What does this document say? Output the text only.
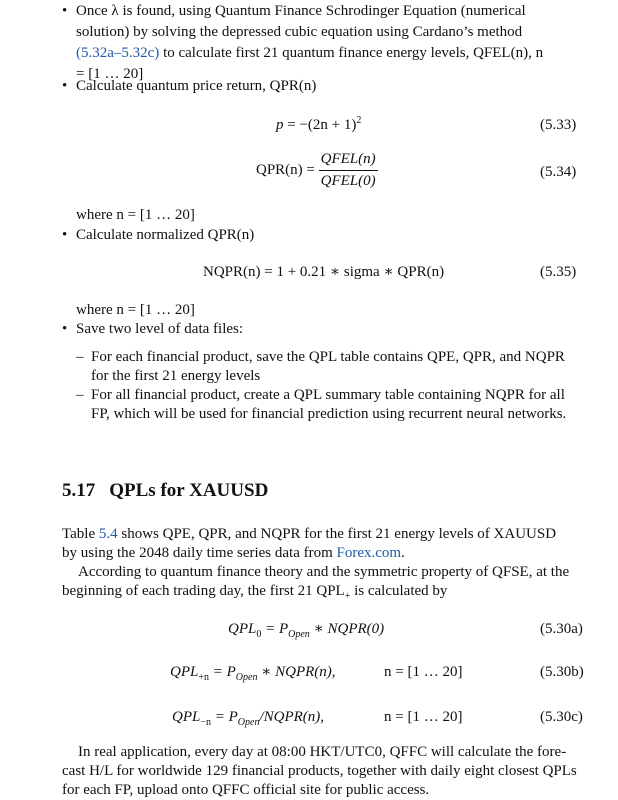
• Once λ is found, using Quantum Finance Schrodinger Equation (numerical
solution) by solving the depressed cubic equation using Cardano’s method
(5.32a–5.32c) to calculate first 21 quantum finance energy levels, QFEL(n), n
= [1 … 20]
• Calculate quantum price return, QPR(n)
$p = -(2n + 1)^2$	(5.33)
$QPR(n) = \frac{\text{QFEL(n)}}{\text{QFEL(0)}}$	(5.34)
where n = [1 … 20]
• Calculate normalized QPR(n)
NQPR(n) = 1 + 0.21 ∗ sigma ∗ QPR(n)	(5.35)
where n = [1 … 20]
• Save two level of data files:
– For each financial product, save the QPL table contains QPE, QPR, and NQPR
for the first 21 energy levels
– For all financial product, create a QPL summary table containing NQPR for all
FP, which will be used for financial prediction using recurrent neural networks.
5.17 QPLs for XAUUSD
Table 5.4 shows QPE, QPR, and NQPR for the first 21 energy levels of XAUUSD
by using the 2048 daily time series data from Forex.com.
According to quantum finance theory and the symmetric property of QFSE, at the
beginning of each trading day, the first 21 $QPL_+$ is calculated by
$QPL_0 = P_{Open}$ ∗ NQPR(0)	(5.30a)
$QPL_{+n} = P_{Open}$ ∗ NQPR(n),	n = [1 … 20]	(5.30b)
$QPL_{-n}$ = $P_{Open}/NQPR(n)$,	n = [1 … 20]	(5.30c)
In real application, every day at 08:00 HKT/UTC0, QFFC will calculate the fore-
cast H/L for worldwide 129 financial products, together with daily eight closest QPLs
for each FP, upload onto QFFC official site for public access.
